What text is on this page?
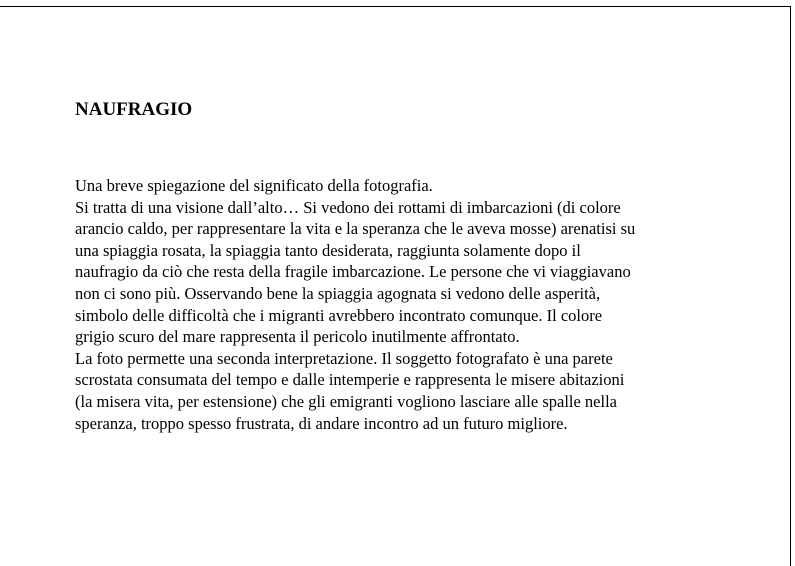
NAUFRAGIO
Una breve spiegazione del significato della fotografia.
Si tratta di una visione dall’alto… Si vedono dei rottami di imbarcazioni (di colore
arancio caldo, per rappresentare la vita e la speranza che le aveva mosse) arenatisi su
una spiaggia rosata, la spiaggia tanto desiderata, raggiunta solamente dopo il
naufragio da ciò che resta della fragile imbarcazione. Le persone che vi viaggiavano
non ci sono più. Osservando bene la spiaggia agognata si vedono delle asperità,
simbolo delle difficoltà che i migranti avrebbero incontrato comunque. Il colore
grigio scuro del mare rappresenta il pericolo inutilmente affrontato.
La foto permette una seconda interpretazione. Il soggetto fotografato è una parete
scrostata consumata del tempo e dalle intemperie e rappresenta le misere abitazioni
(la misera vita, per estensione) che gli emigranti vogliono lasciare alle spalle nella
speranza, troppo spesso frustrata, di andare incontro ad un futuro migliore.
